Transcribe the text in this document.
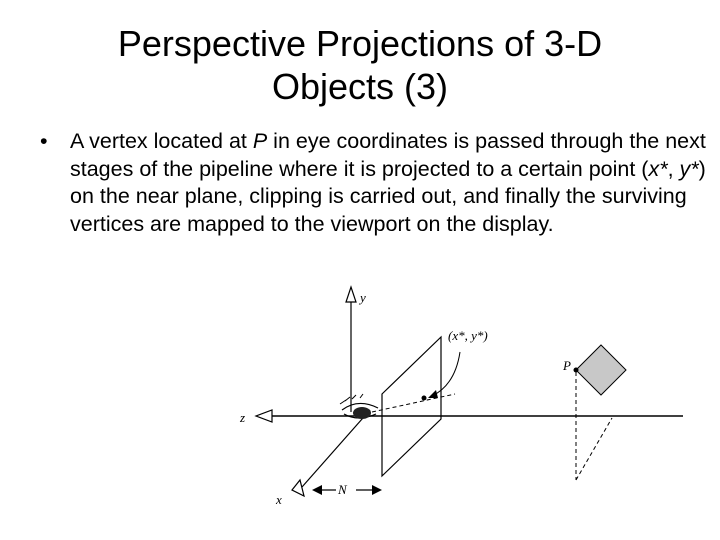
Perspective Projections of 3-D
Objects (3)
• A vertex located at P in eye coordinates is passed through the next stages of the pipeline where it is projected to a certain point (x*, y*) on the near plane, clipping is carried out, and finally the surviving vertices are mapped to the viewport on the display.
y
z
x
N
(x*, y*)
P
